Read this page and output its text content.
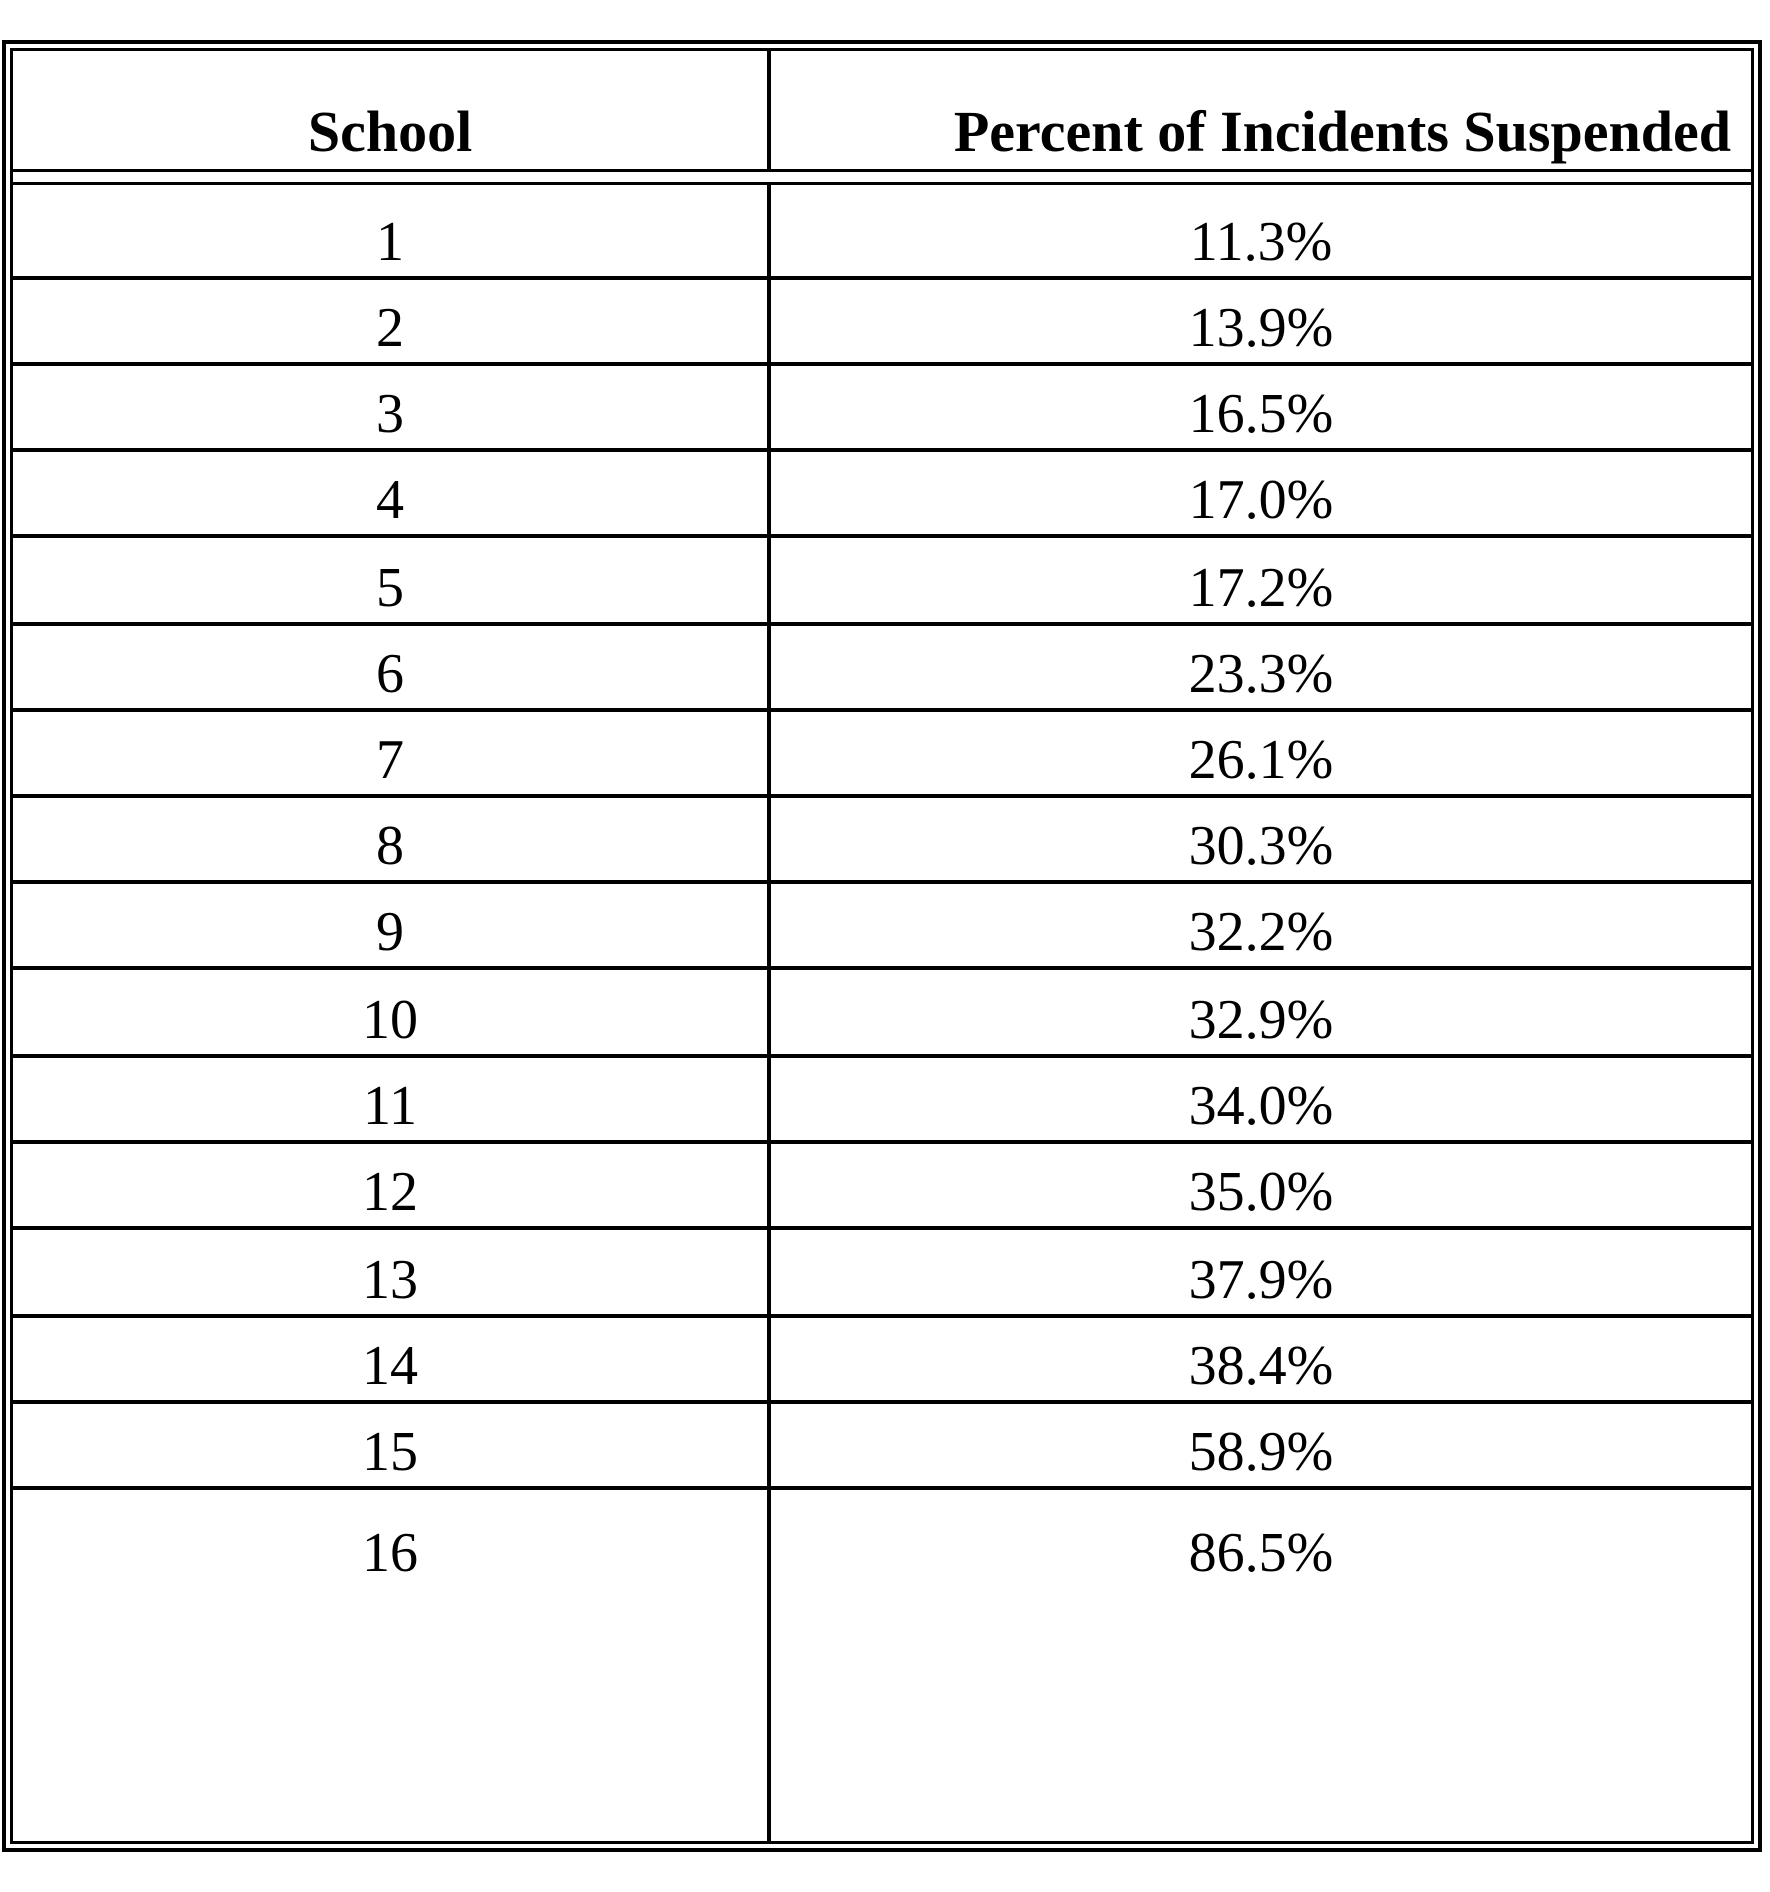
School	Percent of Incidents Suspended
1	11.3%
2	13.9%
3	16.5%
4	17.0%
5	17.2%
6	23.3%
7	26.1%
8	30.3%
9	32.2%
10	32.9%
11	34.0%
12	35.0%
13	37.9%
14	38.4%
15	58.9%
16	86.5%
